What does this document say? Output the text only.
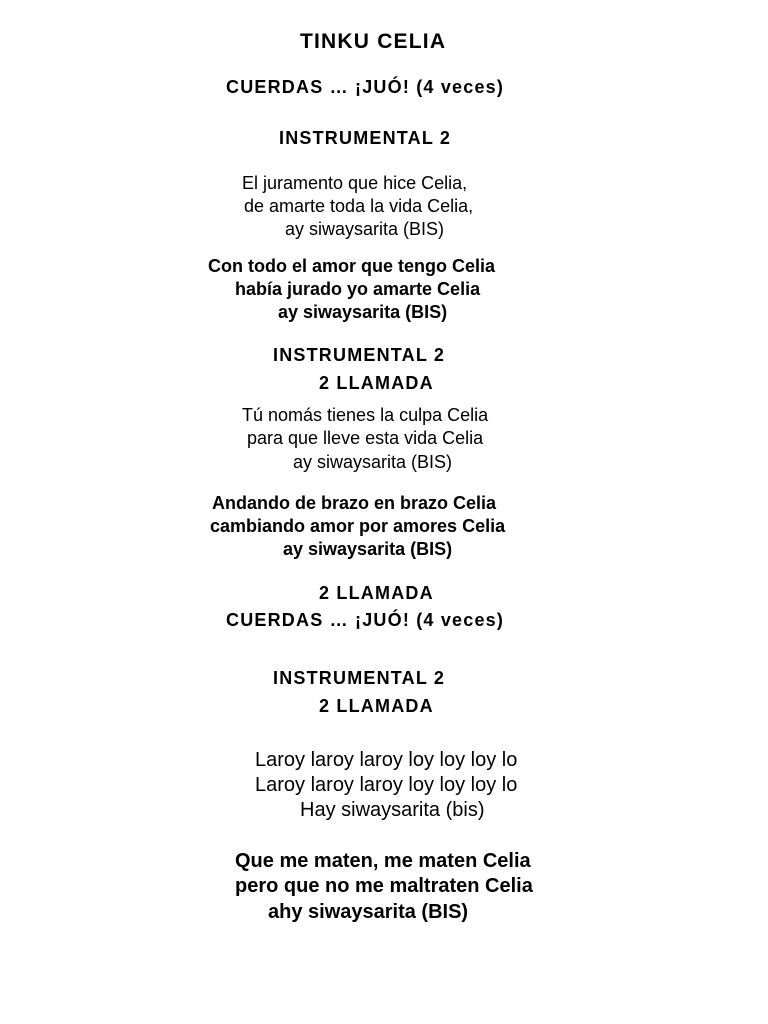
TINKU CELIA
CUERDAS … ¡JUÓ! (4 veces)
INSTRUMENTAL 2
El juramento que hice Celia,
de amarte toda la vida Celia,
ay siwaysarita (BIS)
Con todo el amor que tengo Celia
había jurado yo amarte Celia
ay siwaysarita (BIS)
INSTRUMENTAL 2
2 LLAMADA
Tú nomás tienes la culpa Celia
para que lleve esta vida Celia
ay siwaysarita (BIS)
Andando de brazo en brazo Celia
cambiando amor por amores Celia
ay siwaysarita (BIS)
2 LLAMADA
CUERDAS … ¡JUÓ! (4 veces)
INSTRUMENTAL 2
2 LLAMADA
Laroy laroy laroy loy loy loy lo
Laroy laroy laroy loy loy loy lo
Hay siwaysarita (bis)
Que me maten, me maten Celia
pero que no me maltraten Celia
ahy siwaysarita (BIS)
